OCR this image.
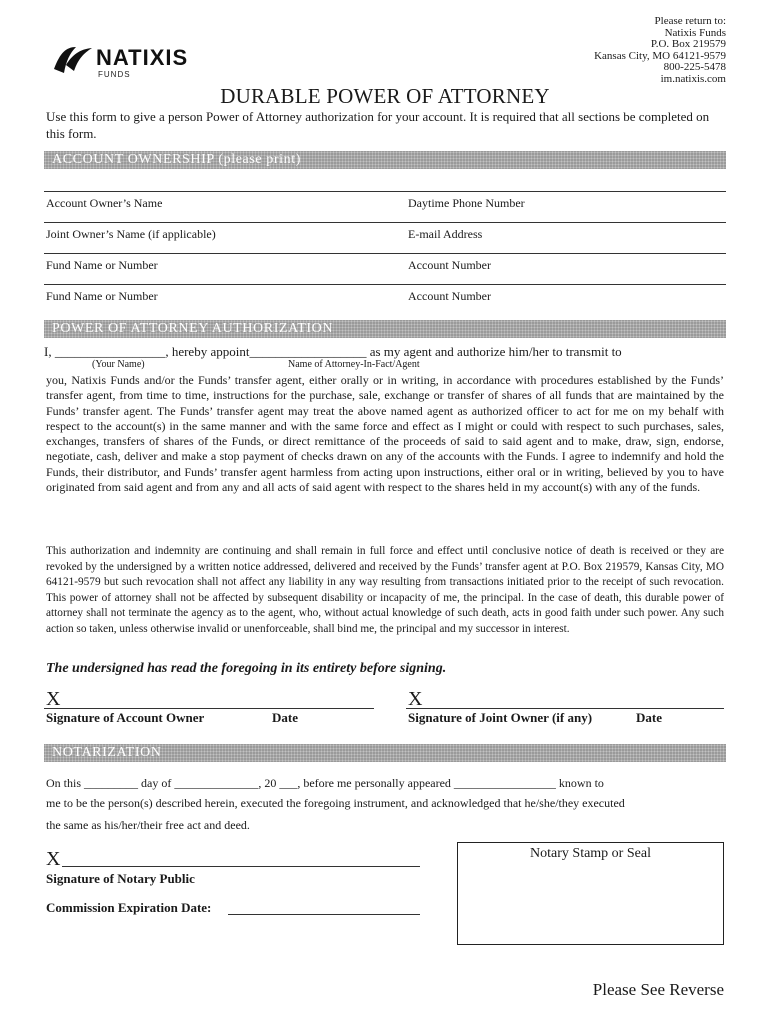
NATIXIS
FUNDS
Please return to:
Natixis Funds
P.O. Box 219579
Kansas City, MO 64121-9579
800-225-5478
im.natixis.com
DURABLE POWER OF ATTORNEY
Use this form to give a person Power of Attorney authorization for your account. It is required that all sections be completed on this form.
ACCOUNT OWNERSHIP (please print)
Account Owner’s Name	Daytime Phone Number
Joint Owner’s Name (if applicable)	E-mail Address
Fund Name or Number	Account Number
Fund Name or Number	Account Number
POWER OF ATTORNEY AUTHORIZATION
I, _________________, hereby appoint__________________ as my agent and authorize him/her to transmit to
(Your Name)	Name of Attorney-In-Fact/Agent
you, Natixis Funds and/or the Funds’ transfer agent, either orally or in writing, in accordance with procedures established by the Funds’ transfer agent, from time to time, instructions for the purchase, sale, exchange or transfer of shares of all funds that are maintained by the Funds’ transfer agent. The Funds’ transfer agent may treat the above named agent as authorized officer to act for me on my behalf with respect to the account(s) in the same manner and with the same force and effect as I might or could with respect to such purchases, sales, exchanges, transfers of shares of the Funds, or direct remittance of the proceeds of said to said agent and to make, draw, sign, endorse, negotiate, cash, deliver and make a stop payment of checks drawn on any of the accounts with the Funds. I agree to indemnify and hold the Funds, their distributor, and Funds’ transfer agent harmless from acting upon instructions, either oral or in writing, believed by you to have originated from said agent and from any and all acts of said agent with respect to the shares held in my account(s) with any of the funds.
This authorization and indemnity are continuing and shall remain in full force and effect until conclusive notice of death is received or they are revoked by the undersigned by a written notice addressed, delivered and received by the Funds’ transfer agent at P.O. Box 219579, Kansas City, MO 64121-9579 but such revocation shall not affect any liability in any way resulting from transactions initiated prior to the receipt of such revocation. This power of attorney shall not be affected by subsequent disability or incapacity of me, the principal. In the case of death, this durable power of attorney shall not terminate the agency as to the agent, who, without actual knowledge of such death, acts in good faith under such power. Any such action so taken, unless otherwise invalid or unenforceable, shall bind me, the principal and my successor in interest.
The undersigned has read the foregoing in its entirety before signing.
X	X
Signature of Account Owner	Date	Signature of Joint Owner (if any)	Date
NOTARIZATION
On this _________ day of ______________, 20 ___, before me personally appeared _________________ known to
me to be the person(s) described herein, executed the foregoing instrument, and acknowledged that he/she/they executed
the same as his/her/their free act and deed.
X
Signature of Notary Public
Commission Expiration Date:
Notary Stamp or Seal
Please See Reverse
